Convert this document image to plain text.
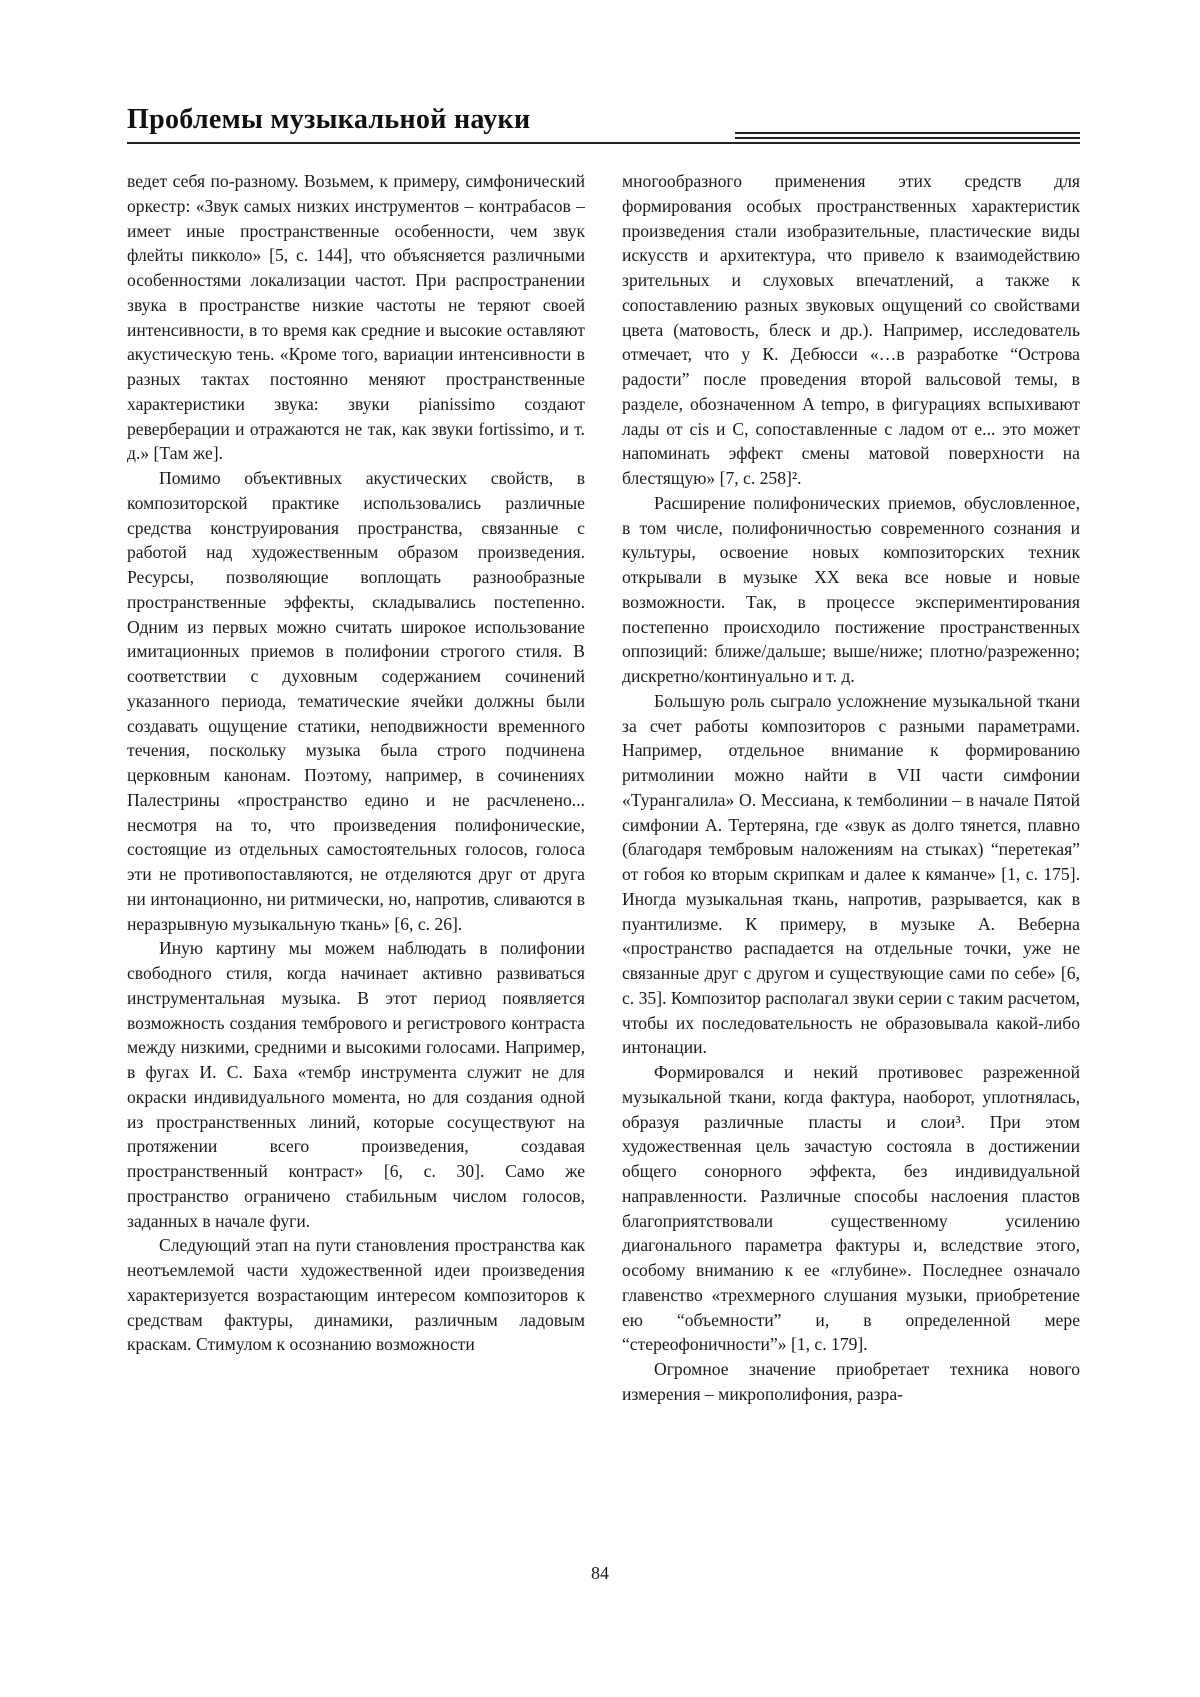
Проблемы музыкальной науки

ведет себя по-разному. Возьмем, к примеру, симфонический оркестр: «Звук самых низких инструментов – контрабасов – имеет иные пространственные особенности, чем звук флейты пикколо» [5, с. 144], что объясняется различными особенностями локализации частот. При распространении звука в пространстве низкие частоты не теряют своей интенсивности, в то время как средние и высокие оставляют акустическую тень. «Кроме того, вариации интенсивности в разных тактах постоянно меняют пространственные характеристики звука: звуки pianissimo создают реверберации и отражаются не так, как звуки fortissimo, и т. д.» [Там же].

Помимо объективных акустических свойств, в композиторской практике использовались различные средства конструирования пространства, связанные с работой над художественным образом произведения. Ресурсы, позволяющие воплощать разнообразные пространственные эффекты, складывались постепенно. Одним из первых можно считать широкое использование имитационных приемов в полифонии строгого стиля. В соответствии с духовным содержанием сочинений указанного периода, тематические ячейки должны были создавать ощущение статики, неподвижности временного течения, поскольку музыка была строго подчинена церковным канонам. Поэтому, например, в сочинениях Палестрины «пространство едино и не расчленено... несмотря на то, что произведения полифонические, состоящие из отдельных самостоятельных голосов, голоса эти не противопоставляются, не отделяются друг от друга ни интонационно, ни ритмически, но, напротив, сливаются в неразрывную музыкальную ткань» [6, с. 26].

Иную картину мы можем наблюдать в полифонии свободного стиля, когда начинает активно развиваться инструментальная музыка. В этот период появляется возможность создания тембрового и регистрового контраста между низкими, средними и высокими голосами. Например, в фугах И. С. Баха «тембр инструмента служит не для окраски индивидуального момента, но для создания одной из пространственных линий, которые сосуществуют на протяжении всего произведения, создавая пространственный контраст» [6, с. 30]. Само же пространство ограничено стабильным числом голосов, заданных в начале фуги.

Следующий этап на пути становления пространства как неотъемлемой части художественной идеи произведения характеризуется возрастающим интересом композиторов к средствам фактуры, динамики, различным ладовым краскам. Стимулом к осознанию возможности

многообразного применения этих средств для формирования особых пространственных характеристик произведения стали изобразительные, пластические виды искусств и архитектура, что привело к взаимодействию зрительных и слуховых впечатлений, а также к сопоставлению разных звуковых ощущений со свойствами цвета (матовость, блеск и др.). Например, исследователь отмечает, что у К. Дебюсси «…в разработке “Острова радости” после проведения второй вальсовой темы, в разделе, обозначенном A tempo, в фигурациях вспыхивают лады от cis и C, сопоставленные с ладом от e... это может напоминать эффект смены матовой поверхности на блестящую» [7, с. 258]².

Расширение полифонических приемов, обусловленное, в том числе, полифоничностью современного сознания и культуры, освоение новых композиторских техник открывали в музыке XX века все новые и новые возможности. Так, в процессе экспериментирования постепенно происходило постижение пространственных оппозиций: ближе/дальше; выше/ниже; плотно/разреженно; дискретно/континуально и т. д.

Большую роль сыграло усложнение музыкальной ткани за счет работы композиторов с разными параметрами. Например, отдельное внимание к формированию ритмолинии можно найти в VII части симфонии «Турангалила» О. Мессиана, к темболинии – в начале Пятой симфонии А. Тертеряна, где «звук as долго тянется, плавно (благодаря тембровым наложениям на стыках) “перетекая” от гобоя ко вторым скрипкам и далее к кяманче» [1, с. 175]. Иногда музыкальная ткань, напротив, разрывается, как в пуантилизме. К примеру, в музыке А. Веберна «пространство распадается на отдельные точки, уже не связанные друг с другом и существующие сами по себе» [6, с. 35]. Композитор располагал звуки серии с таким расчетом, чтобы их последовательность не образовывала какой-либо интонации.

Формировался и некий противовес разреженной музыкальной ткани, когда фактура, наоборот, уплотнялась, образуя различные пласты и слои³. При этом художественная цель зачастую состояла в достижении общего сонорного эффекта, без индивидуальной направленности. Различные способы наслоения пластов благоприятствовали существенному усилению диагонального параметра фактуры и, вследствие этого, особому вниманию к ее «глубине». Последнее означало главенство «трехмерного слушания музыки, приобретение ею “объемности” и, в определенной мере “стереофоничности”» [1, с. 179].

Огромное значение приобретает техника нового измерения – микрополифония, разра-

84
